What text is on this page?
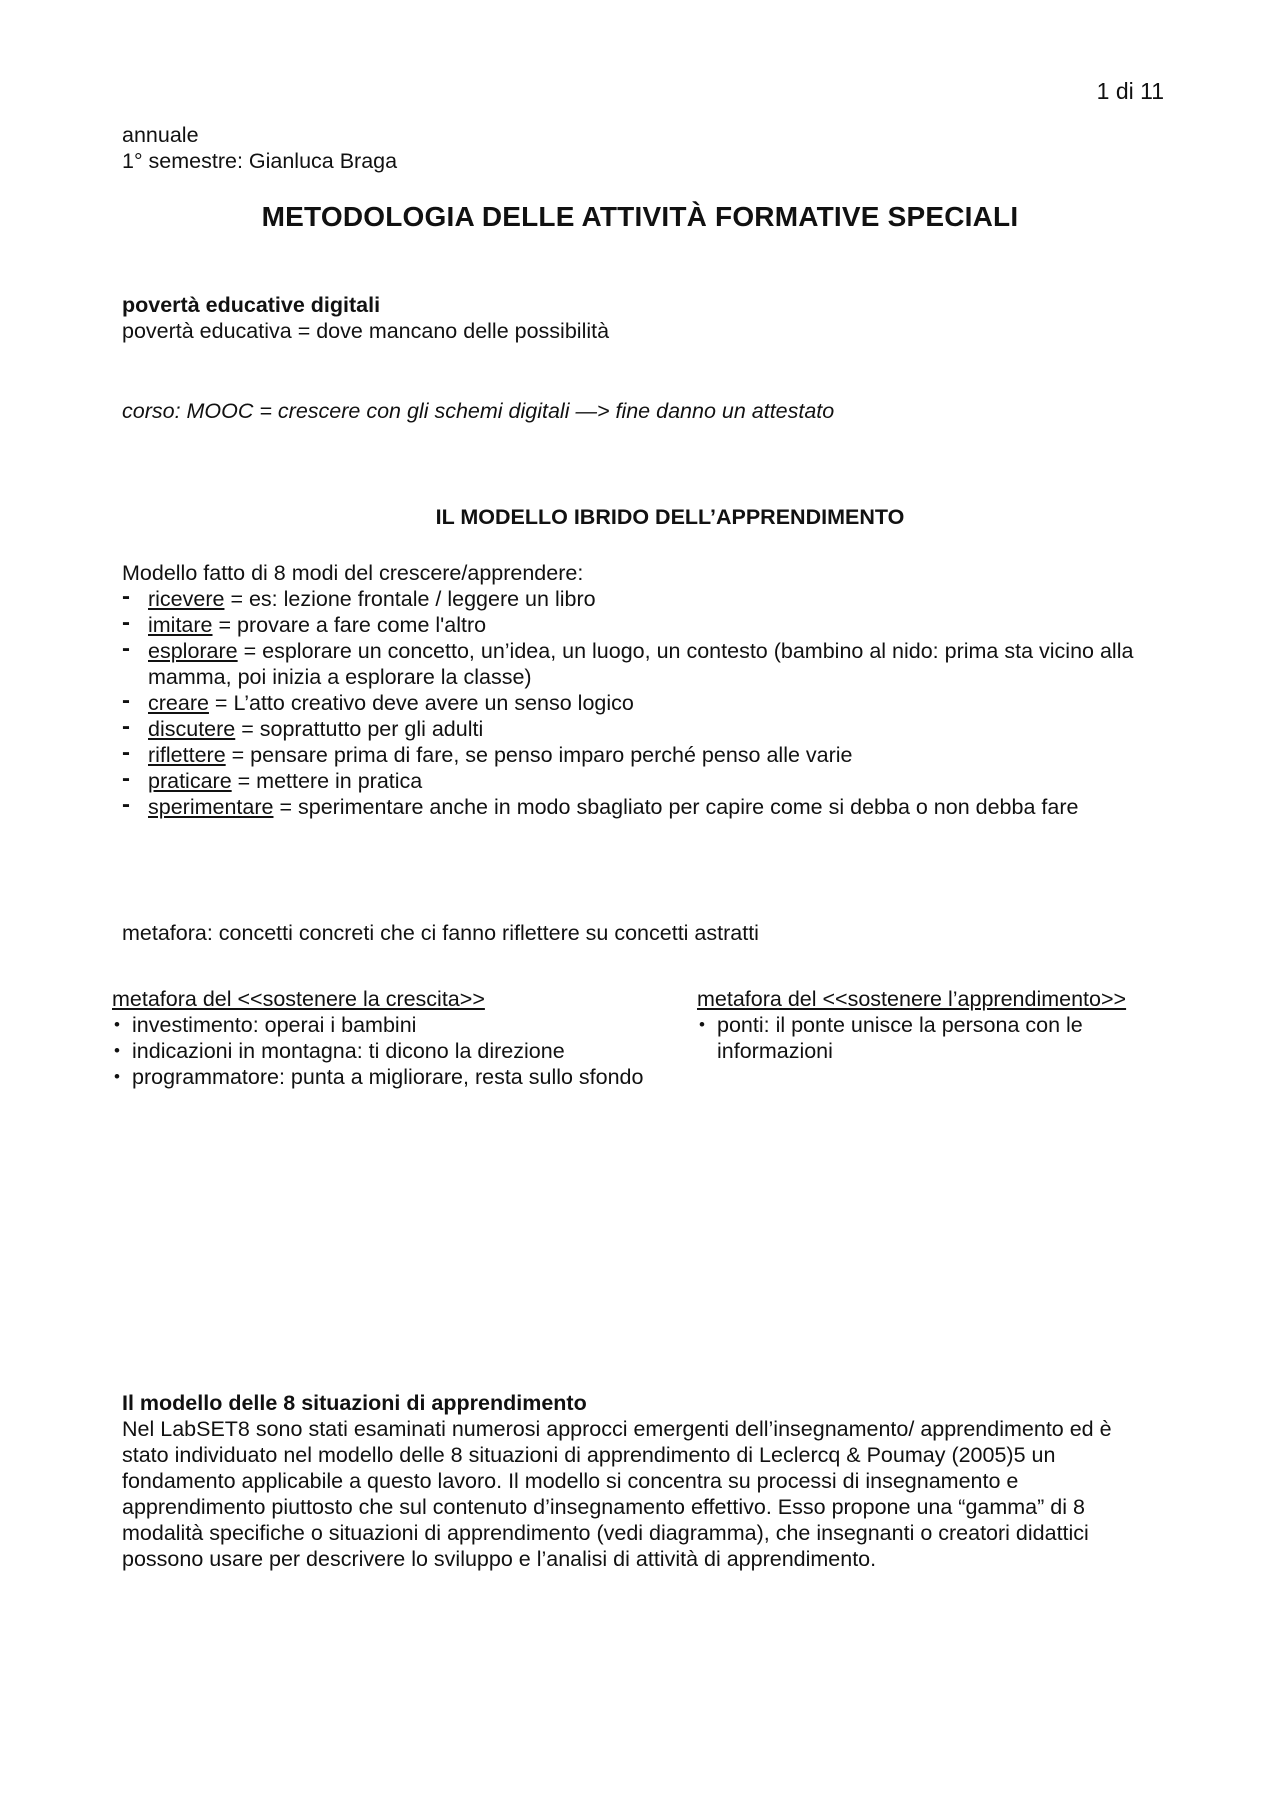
1 di 11
annuale
1° semestre: Gianluca Braga
METODOLOGIA DELLE ATTIVITÀ FORMATIVE SPECIALI
povertà educative digitali
povertà educativa = dove mancano delle possibilità
corso: MOOC = crescere con gli schemi digitali —> fine danno un attestato
IL MODELLO IBRIDO DELL’APPRENDIMENTO
Modello fatto di 8 modi del crescere/apprendere:
- ricevere = es: lezione frontale / leggere un libro
- imitare = provare a fare come l'altro
- esplorare = esplorare un concetto, un’idea, un luogo, un contesto (bambino al nido: prima sta vicino alla mamma, poi inizia a esplorare la classe)
- creare = L’atto creativo deve avere un senso logico
- discutere = soprattutto per gli adulti
- riflettere = pensare prima di fare, se penso imparo perché penso alle varie
- praticare = mettere in pratica
- sperimentare = sperimentare anche in modo sbagliato per capire come si debba o non debba fare
metafora: concetti concreti che ci fanno riflettere su concetti astratti
metafora del <<sostenere la crescita>>
• investimento: operai i bambini
• indicazioni in montagna: ti dicono la direzione
• programmatore: punta a migliorare, resta sullo sfondo
metafora del <<sostenere l’apprendimento>>
• ponti: il ponte unisce la persona con le informazioni
Il modello delle 8 situazioni di apprendimento
Nel LabSET8 sono stati esaminati numerosi approcci emergenti dell’insegnamento/ apprendimento ed è stato individuato nel modello delle 8 situazioni di apprendimento di Leclercq & Poumay (2005)5 un fondamento applicabile a questo lavoro. Il modello si concentra su processi di insegnamento e apprendimento piuttosto che sul contenuto d’insegnamento effettivo. Esso propone una “gamma” di 8 modalità specifiche o situazioni di apprendimento (vedi diagramma), che insegnanti o creatori didattici possono usare per descrivere lo sviluppo e l’analisi di attività di apprendimento.
